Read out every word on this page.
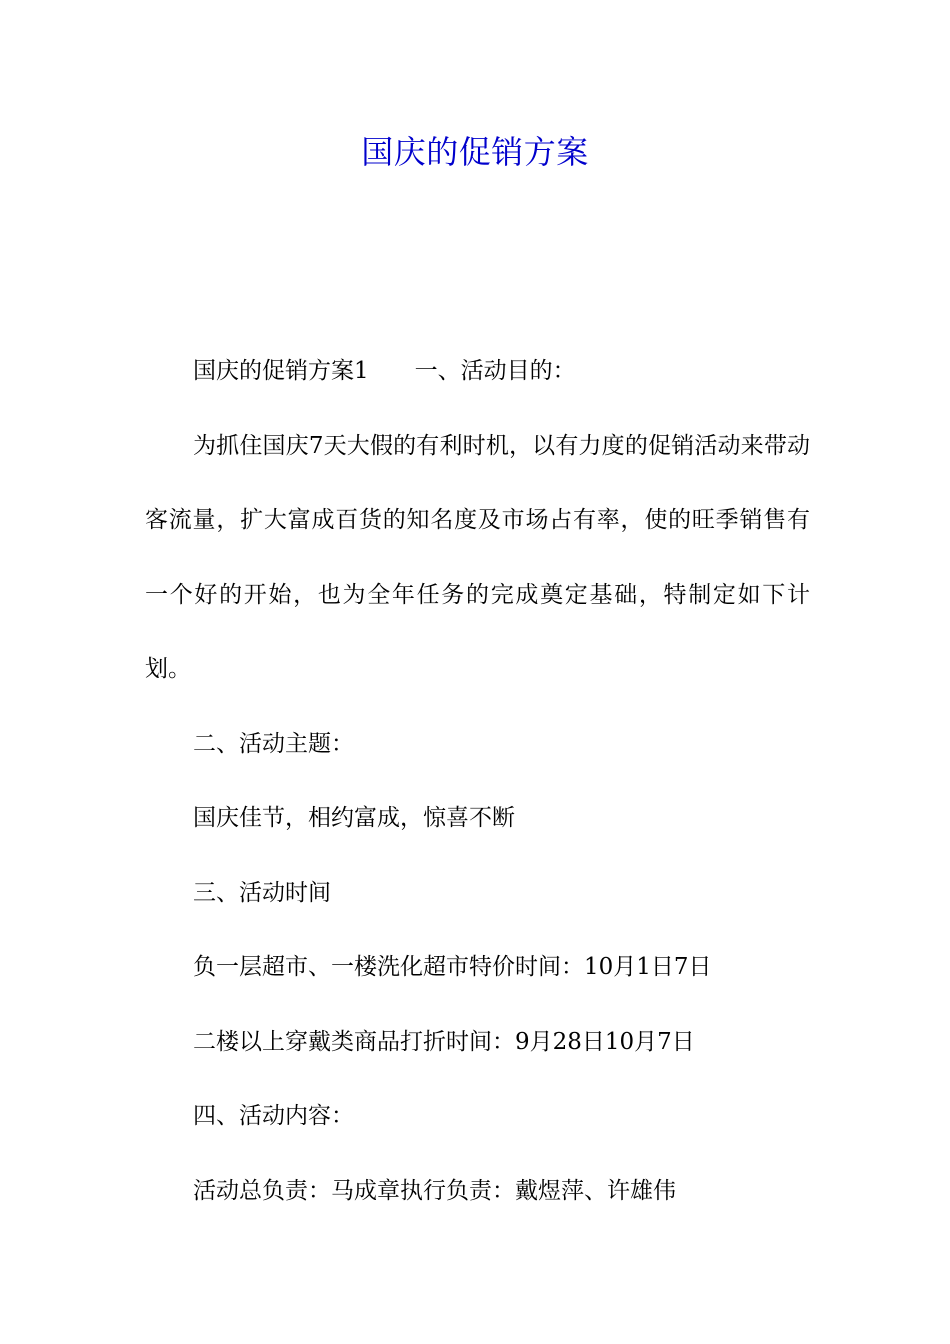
国庆的促销方案

国庆的促销方案1 一、活动目的：

为抓住国庆7天大假的有利时机，以有力度的促销活动来带动客流量，扩大富成百货的知名度及市场占有率，使的旺季销售有一个好的开始，也为全年任务的完成奠定基础，特制定如下计划。

二、活动主题：

国庆佳节，相约富成，惊喜不断

三、活动时间

负一层超市、一楼洗化超市特价时间：10月1日7日

二楼以上穿戴类商品打折时间：9月28日10月7日

四、活动内容：

活动总负责：马成章执行负责：戴煜萍、许雄伟
